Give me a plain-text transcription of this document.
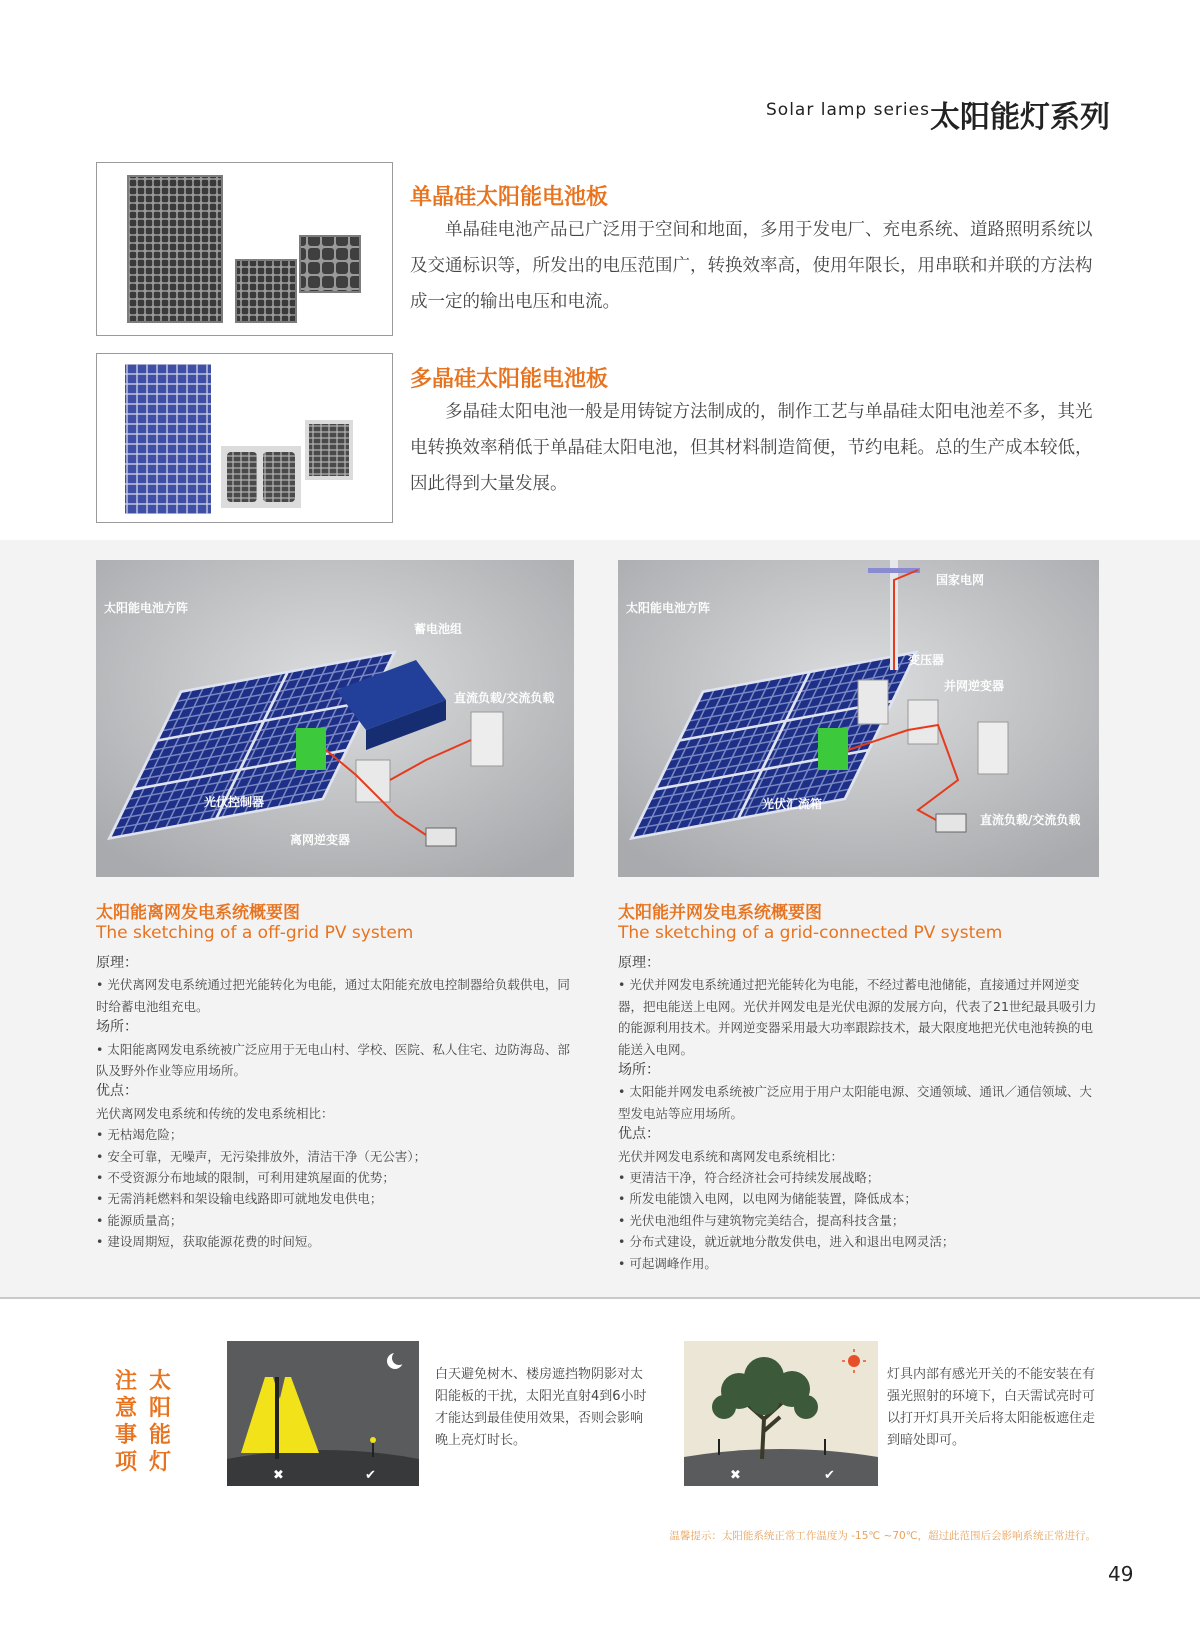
Solar lamp series 太阳能灯系列
单晶硅太阳能电池板
单晶硅电池产品已广泛用于空间和地面，多用于发电厂、充电系统、道路照明系统以及交通标识等，所发出的电压范围广，转换效率高，使用年限长，用串联和并联的方法构成一定的输出电压和电流。
多晶硅太阳能电池板
多晶硅太阳电池一般是用铸锭方法制成的，制作工艺与单晶硅太阳电池差不多，其光电转换效率稍低于单晶硅太阳电池，但其材料制造简便，节约电耗。总的生产成本较低，因此得到大量发展。
太阳能电池方阵
蓄电池组
直流负载/交流负载
光伏控制器
离网逆变器
太阳能电池方阵
国家电网
变压器
并网逆变器
光伏汇流箱
直流负载/交流负载
太阳能离网发电系统概要图
The sketching of a off-grid PV system
原理：
• 光伏离网发电系统通过把光能转化为电能，通过太阳能充放电控制器给负载供电，同时给蓄电池组充电。
场所：
• 太阳能离网发电系统被广泛应用于无电山村、学校、医院、私人住宅、边防海岛、部队及野外作业等应用场所。
优点：
光伏离网发电系统和传统的发电系统相比：
• 无枯竭危险；
• 安全可靠，无噪声，无污染排放外，清洁干净（无公害）；
• 不受资源分布地域的限制，可利用建筑屋面的优势；
• 无需消耗燃料和架设输电线路即可就地发电供电；
• 能源质量高；
• 建设周期短，获取能源花费的时间短。
太阳能并网发电系统概要图
The sketching of a grid-connected PV system
原理：
• 光伏并网发电系统通过把光能转化为电能，不经过蓄电池储能，直接通过并网逆变器，把电能送上电网。光伏并网发电是光伏电源的发展方向，代表了21世纪最具吸引力的能源利用技术。并网逆变器采用最大功率跟踪技术，最大限度地把光伏电池转换的电能送入电网。
场所：
• 太阳能并网发电系统被广泛应用于用户太阳能电源、交通领域、通讯／通信领域、大型发电站等应用场所。
优点：
光伏并网发电系统和离网发电系统相比：
• 更清洁干净，符合经济社会可持续发展战略；
• 所发电能馈入电网，以电网为储能装置，降低成本；
• 光伏电池组件与建筑物完美结合，提高科技含量；
• 分布式建设，就近就地分散发供电，进入和退出电网灵活；
• 可起调峰作用。
太阳能灯
注意事项
✖	✔
白天避免树木、楼房遮挡物阴影对太阳能板的干扰，太阳光直射4到6小时才能达到最佳使用效果，否则会影响晚上亮灯时长。
✖	✔
灯具内部有感光开关的不能安装在有强光照射的环境下，白天需试亮时可以打开灯具开关后将太阳能板遮住走到暗处即可。
温馨提示：太阳能系统正常工作温度为 -15℃ ~70℃，超过此范围后会影响系统正常进行。
49
